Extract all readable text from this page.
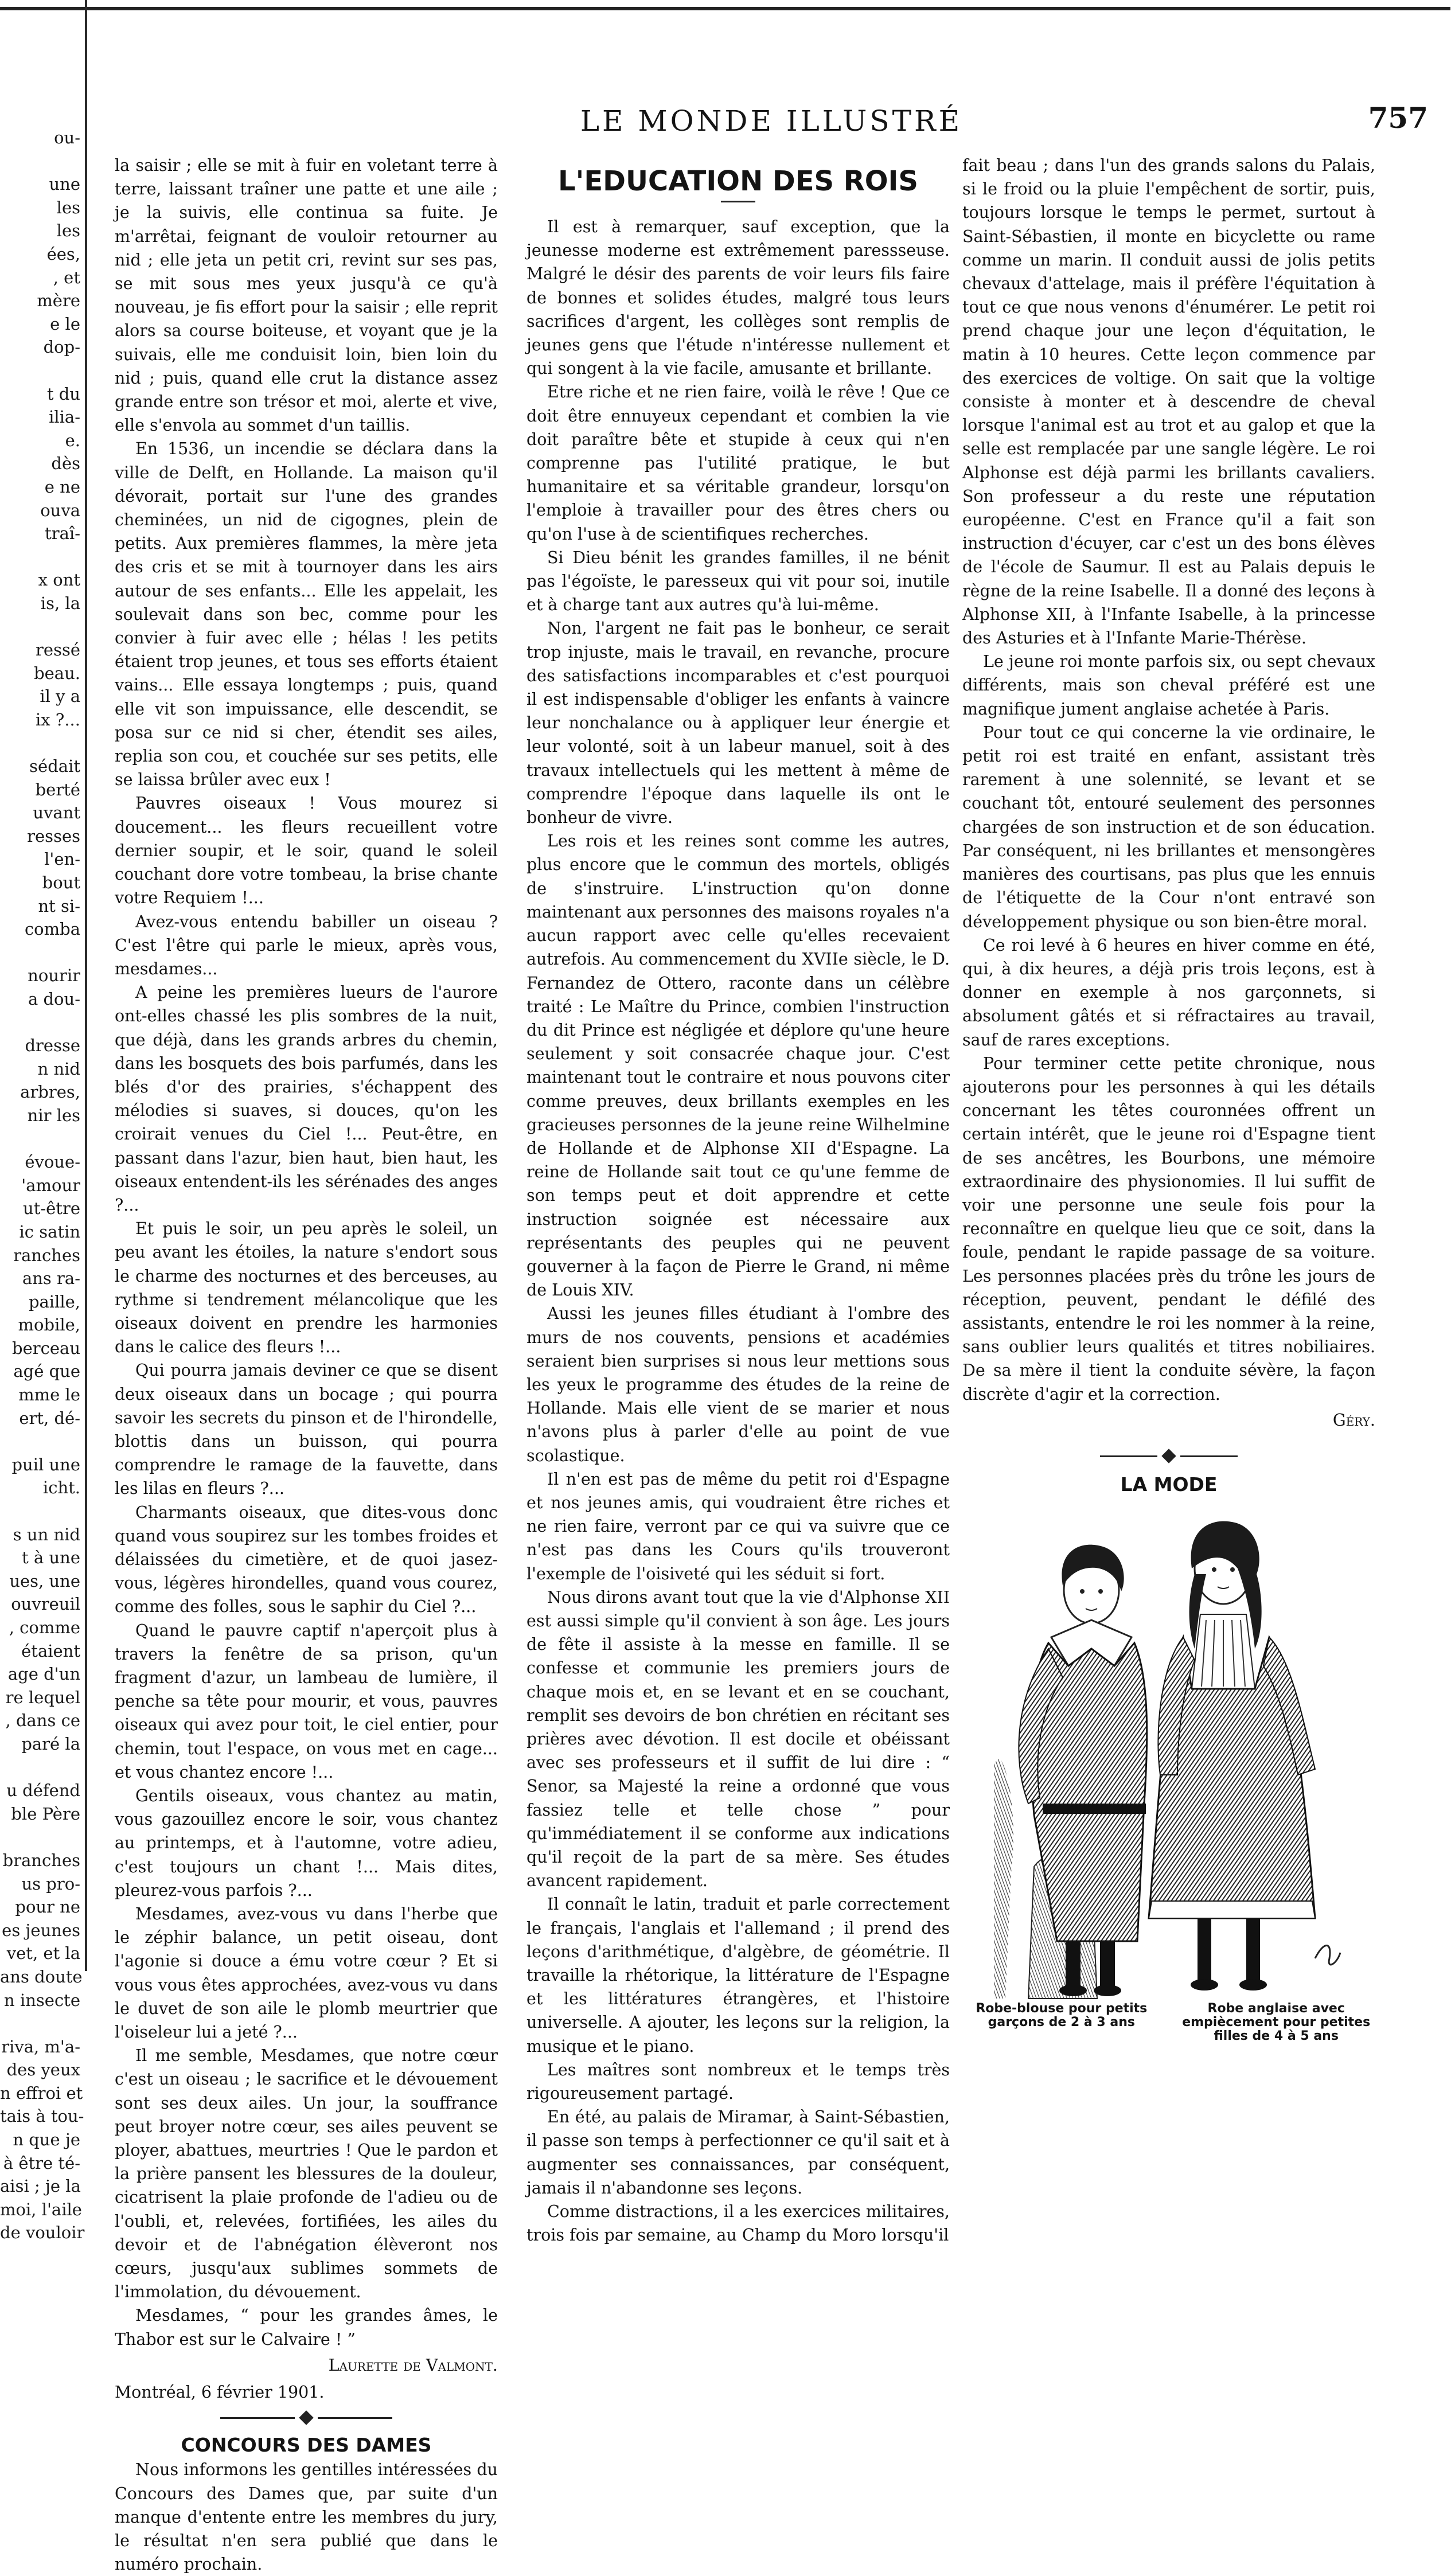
ou-

une
les
les
ées,
, et
mère
e le
dop-

t du
ilia-
e.
dès
e ne
ouva
traî-

x ont
is, la

ressé
beau.
il y a
ix ?...

sédait
berté
uvant
resses
l'en-
bout
nt si-
comba

nourir
a dou-

dresse
n nid
arbres,
nir les

évoue-
'amour
ut-être
ic satin
ranches
ans ra-
paille,
mobile,
berceau
agé que
mme le
ert, dé-

puil une
icht.

s un nid
t à une
ues, une
ouvreuil
, comme
étaient
age d'un
re lequel
, dans ce
paré la

u défend
ble Père

branches
us pro-
pour ne
es jeunes
vet, et la
ans doute
n insecte

riva, m'a-
des yeux
n effroi et
tais à tou-
n que je
à être té-
aisi ; je la
moi, l'aile
de vouloir
LE MONDE ILLUSTRÉ	757

la saisir ; elle se mit à fuir en voletant terre à terre, laissant traîner une patte et une aile ; je la suivis, elle continua sa fuite. Je m'arrêtai, feignant de vouloir retourner au nid ; elle jeta un petit cri, revint sur ses pas, se mit sous mes yeux jusqu'à ce qu'à nouveau, je fis effort pour la saisir ; elle reprit alors sa course boiteuse, et voyant que je la suivais, elle me conduisit loin, bien loin du nid ; puis, quand elle crut la distance assez grande entre son trésor et moi, alerte et vive, elle s'envola au sommet d'un taillis.

En 1536, un incendie se déclara dans la ville de Delft, en Hollande. La maison qu'il dévorait, portait sur l'une des grandes cheminées, un nid de cigognes, plein de petits. Aux premières flammes, la mère jeta des cris et se mit à tournoyer dans les airs autour de ses enfants... Elle les appelait, les soulevait dans son bec, comme pour les convier à fuir avec elle ; hélas ! les petits étaient trop jeunes, et tous ses efforts étaient vains... Elle essaya longtemps ; puis, quand elle vit son impuissance, elle descendit, se posa sur ce nid si cher, étendit ses ailes, replia son cou, et couchée sur ses petits, elle se laissa brûler avec eux !

Pauvres oiseaux ! Vous mourez si doucement... les fleurs recueillent votre dernier soupir, et le soir, quand le soleil couchant dore votre tombeau, la brise chante votre Requiem !...

Avez-vous entendu babiller un oiseau ? C'est l'être qui parle le mieux, après vous, mesdames...

A peine les premières lueurs de l'aurore ont-elles chassé les plis sombres de la nuit, que déjà, dans les grands arbres du chemin, dans les bosquets des bois parfumés, dans les blés d'or des prairies, s'échappent des mélodies si suaves, si douces, qu'on les croirait venues du Ciel !... Peut-être, en passant dans l'azur, bien haut, bien haut, les oiseaux entendent-ils les sérénades des anges ?...

Et puis le soir, un peu après le soleil, un peu avant les étoiles, la nature s'endort sous le charme des nocturnes et des berceuses, au rythme si tendrement mélancolique que les oiseaux doivent en prendre les harmonies dans le calice des fleurs !...

Qui pourra jamais deviner ce que se disent deux oiseaux dans un bocage ; qui pourra savoir les secrets du pinson et de l'hirondelle, blottis dans un buisson, qui pourra comprendre le ramage de la fauvette, dans les lilas en fleurs ?...

Charmants oiseaux, que dites-vous donc quand vous soupirez sur les tombes froides et délaissées du cimetière, et de quoi jasez-vous, légères hirondelles, quand vous courez, comme des folles, sous le saphir du Ciel ?...

Quand le pauvre captif n'aperçoit plus à travers la fenêtre de sa prison, qu'un fragment d'azur, un lambeau de lumière, il penche sa tête pour mourir, et vous, pauvres oiseaux qui avez pour toit, le ciel entier, pour chemin, tout l'espace, on vous met en cage... et vous chantez encore !...

Gentils oiseaux, vous chantez au matin, vous gazouillez encore le soir, vous chantez au printemps, et à l'automne, votre adieu, c'est toujours un chant !... Mais dites, pleurez-vous parfois ?...

Mesdames, avez-vous vu dans l'herbe que le zéphir balance, un petit oiseau, dont l'agonie si douce a ému votre cœur ? Et si vous vous êtes approchées, avez-vous vu dans le duvet de son aile le plomb meurtrier que l'oiseleur lui a jeté ?...

Il me semble, Mesdames, que notre cœur c'est un oiseau ; le sacrifice et le dévouement sont ses deux ailes. Un jour, la souffrance peut broyer notre cœur, ses ailes peuvent se ployer, abattues, meurtries ! Que le pardon et la prière pansent les blessures de la douleur, cicatrisent la plaie profonde de l'adieu ou de l'oubli, et, relevées, fortifiées, les ailes du devoir et de l'abnégation élèveront nos cœurs, jusqu'aux sublimes sommets de l'immolation, du dévouement.

Mesdames, “ pour les grandes âmes, le Thabor est sur le Calvaire ! ”

Laurette de Valmont.

Montréal, 6 février 1901.

CONCOURS DES DAMES

Nous informons les gentilles intéressées du Concours des Dames que, par suite d'un manque d'entente entre les membres du jury, le résultat n'en sera publié que dans le numéro prochain.

L'EDUCATION DES ROIS

Il est à remarquer, sauf exception, que la jeunesse moderne est extrêmement paressseuse. Malgré le désir des parents de voir leurs fils faire de bonnes et solides études, malgré tous leurs sacrifices d'argent, les collèges sont remplis de jeunes gens que l'étude n'intéresse nullement et qui songent à la vie facile, amusante et brillante.

Etre riche et ne rien faire, voilà le rêve ! Que ce doit être ennuyeux cependant et combien la vie doit paraître bête et stupide à ceux qui n'en comprenne pas l'utilité pratique, le but humanitaire et sa véritable grandeur, lorsqu'on l'emploie à travailler pour des êtres chers ou qu'on l'use à de scientifiques recherches.

Si Dieu bénit les grandes familles, il ne bénit pas l'égoïste, le paresseux qui vit pour soi, inutile et à charge tant aux autres qu'à lui-même.

Non, l'argent ne fait pas le bonheur, ce serait trop injuste, mais le travail, en revanche, procure des satisfactions incomparables et c'est pourquoi il est indispensable d'obliger les enfants à vaincre leur nonchalance ou à appliquer leur énergie et leur volonté, soit à un labeur manuel, soit à des travaux intellectuels qui les mettent à même de comprendre l'époque dans laquelle ils ont le bonheur de vivre.

Les rois et les reines sont comme les autres, plus encore que le commun des mortels, obligés de s'instruire. L'instruction qu'on donne maintenant aux personnes des maisons royales n'a aucun rapport avec celle qu'elles recevaient autrefois. Au commencement du XVIIe siècle, le D. Fernandez de Ottero, raconte dans un célèbre traité : Le Maître du Prince, combien l'instruction du dit Prince est négligée et déplore qu'une heure seulement y soit consacrée chaque jour. C'est maintenant tout le contraire et nous pouvons citer comme preuves, deux brillants exemples en les gracieuses personnes de la jeune reine Wilhelmine de Hollande et de Alphonse XII d'Espagne. La reine de Hollande sait tout ce qu'une femme de son temps peut et doit apprendre et cette instruction soignée est nécessaire aux représentants des peuples qui ne peuvent gouverner à la façon de Pierre le Grand, ni même de Louis XIV.

Aussi les jeunes filles étudiant à l'ombre des murs de nos couvents, pensions et académies seraient bien surprises si nous leur mettions sous les yeux le programme des études de la reine de Hollande. Mais elle vient de se marier et nous n'avons plus à parler d'elle au point de vue scolastique.

Il n'en est pas de même du petit roi d'Espagne et nos jeunes amis, qui voudraient être riches et ne rien faire, verront par ce qui va suivre que ce n'est pas dans les Cours qu'ils trouveront l'exemple de l'oisiveté qui les séduit si fort.

Nous dirons avant tout que la vie d'Alphonse XII est aussi simple qu'il convient à son âge. Les jours de fête il assiste à la messe en famille. Il se confesse et communie les premiers jours de chaque mois et, en se levant et en se couchant, remplit ses devoirs de bon chrétien en récitant ses prières avec dévotion. Il est docile et obéissant avec ses professeurs et il suffit de lui dire : “ Senor, sa Majesté la reine a ordonné que vous fassiez telle et telle chose ” pour qu'immédiatement il se conforme aux indications qu'il reçoit de la part de sa mère. Ses études avancent rapidement.

Il connaît le latin, traduit et parle correctement le français, l'anglais et l'allemand ; il prend des leçons d'arithmétique, d'algèbre, de géométrie. Il travaille la rhétorique, la littérature de l'Espagne et les littératures étrangères, et l'histoire universelle. A ajouter, les leçons sur la religion, la musique et le piano.

Les maîtres sont nombreux et le temps très rigoureusement partagé.

En été, au palais de Miramar, à Saint-Sébastien, il passe son temps à perfectionner ce qu'il sait et à augmenter ses connaissances, par conséquent, jamais il n'abandonne ses leçons.

Comme distractions, il a les exercices militaires, trois fois par semaine, au Champ du Moro lorsqu'il

fait beau ; dans l'un des grands salons du Palais, si le froid ou la pluie l'empêchent de sortir, puis, toujours lorsque le temps le permet, surtout à Saint-Sébastien, il monte en bicyclette ou rame comme un marin. Il conduit aussi de jolis petits chevaux d'attelage, mais il préfère l'équitation à tout ce que nous venons d'énumérer. Le petit roi prend chaque jour une leçon d'équitation, le matin à 10 heures. Cette leçon commence par des exercices de voltige. On sait que la voltige consiste à monter et à descendre de cheval lorsque l'animal est au trot et au galop et que la selle est remplacée par une sangle légère. Le roi Alphonse est déjà parmi les brillants cavaliers. Son professeur a du reste une réputation européenne. C'est en France qu'il a fait son instruction d'écuyer, car c'est un des bons élèves de l'école de Saumur. Il est au Palais depuis le règne de la reine Isabelle. Il a donné des leçons à Alphonse XII, à l'Infante Isabelle, à la princesse des Asturies et à l'Infante Marie-Thérèse.

Le jeune roi monte parfois six, ou sept chevaux différents, mais son cheval préféré est une magnifique jument anglaise achetée à Paris.

Pour tout ce qui concerne la vie ordinaire, le petit roi est traité en enfant, assistant très rarement à une solennité, se levant et se couchant tôt, entouré seulement des personnes chargées de son instruction et de son éducation. Par conséquent, ni les brillantes et mensongères manières des courtisans, pas plus que les ennuis de l'étiquette de la Cour n'ont entravé son développement physique ou son bien-être moral.

Ce roi levé à 6 heures en hiver comme en été, qui, à dix heures, a déjà pris trois leçons, est à donner en exemple à nos garçonnets, si absolument gâtés et si réfractaires au travail, sauf de rares exceptions.

Pour terminer cette petite chronique, nous ajouterons pour les personnes à qui les détails concernant les têtes couronnées offrent un certain intérêt, que le jeune roi d'Espagne tient de ses ancêtres, les Bourbons, une mémoire extraordinaire des physionomies. Il lui suffit de voir une personne une seule fois pour la reconnaître en quelque lieu que ce soit, dans la foule, pendant le rapide passage de sa voiture. Les personnes placées près du trône les jours de réception, peuvent, pendant le défilé des assistants, entendre le roi les nommer à la reine, sans oublier leurs qualités et titres nobiliaires. De sa mère il tient la conduite sévère, la façon discrète d'agir et la correction.

Géry.

LA MODE

Robe-blouse pour petits garçons de 2 à 3 ans
Robe anglaise avec empiècement pour petites filles de 4 à 5 ans
